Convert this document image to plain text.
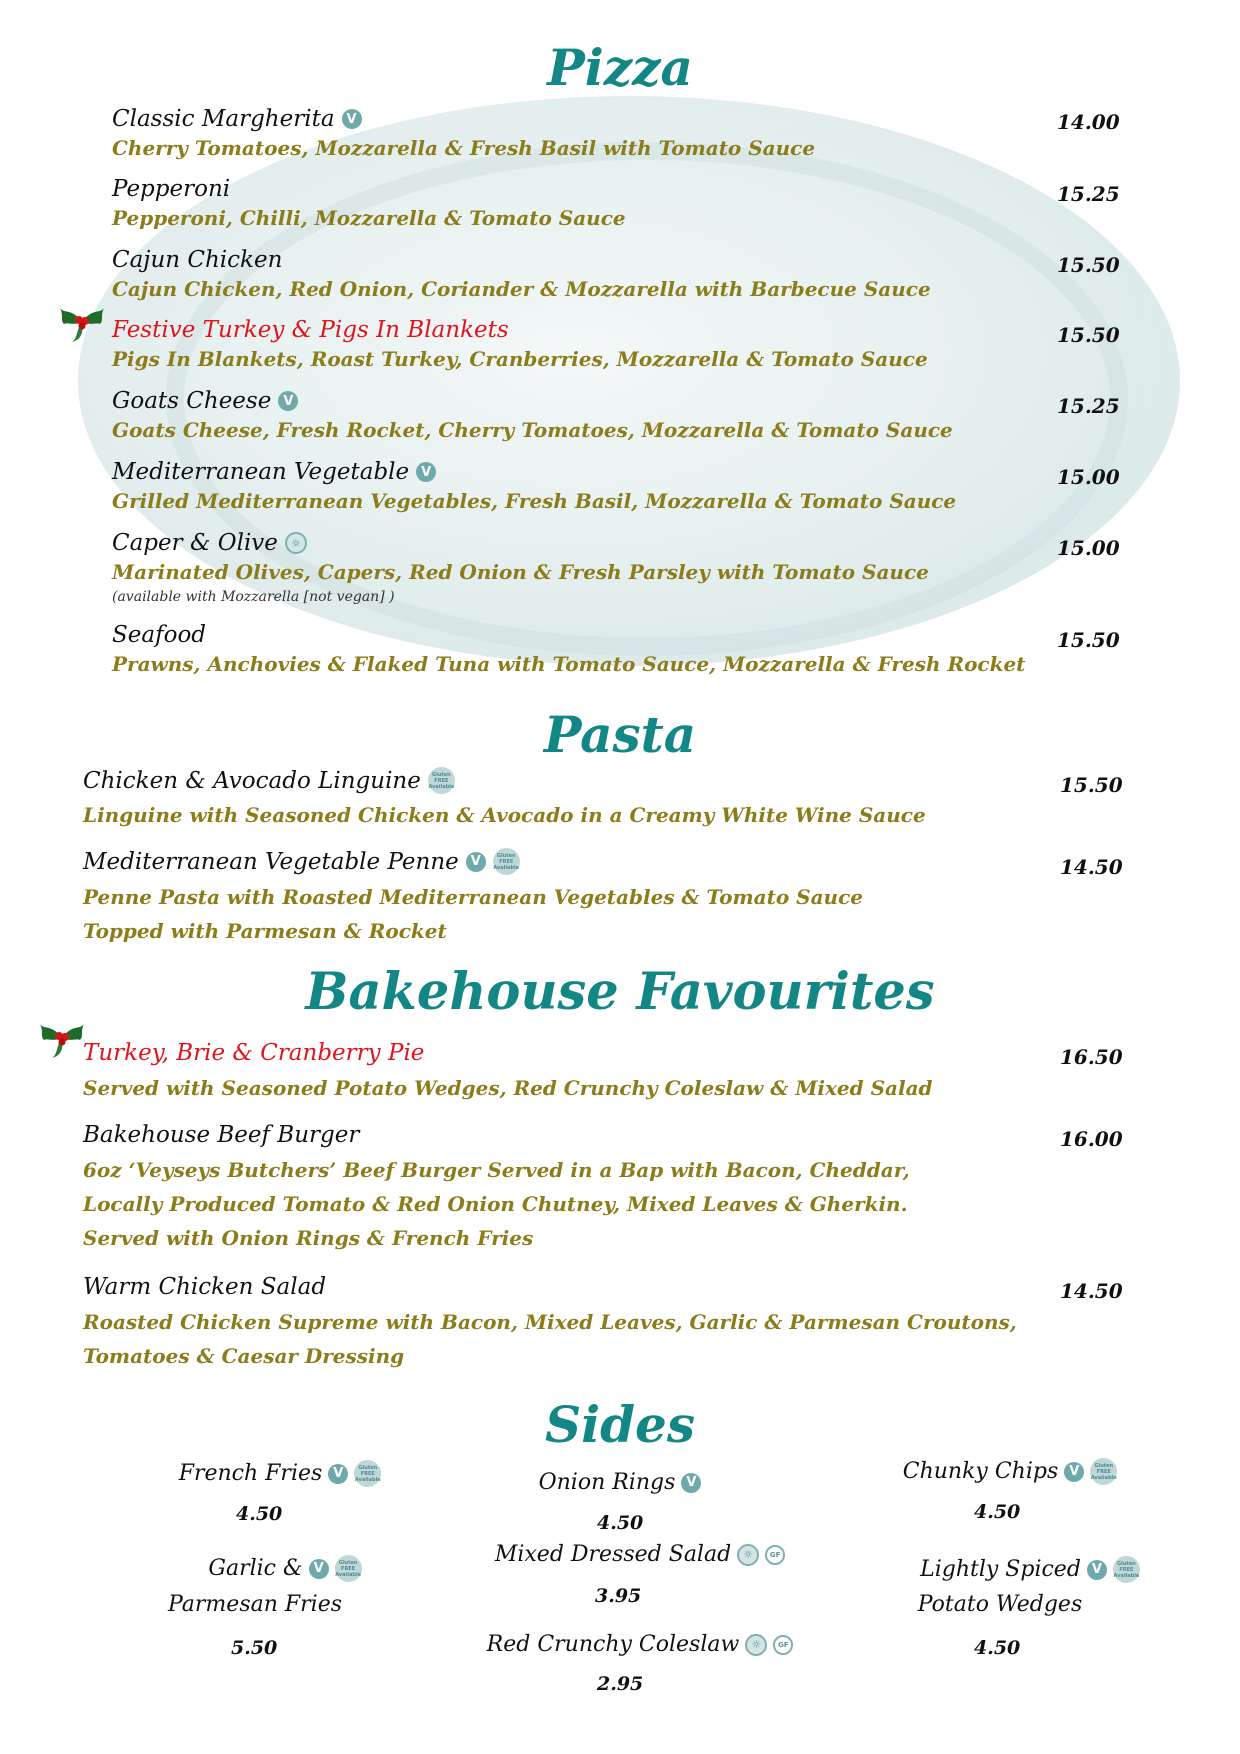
Pizza
Classic Margherita V
Cherry Tomatoes, Mozzarella & Fresh Basil with Tomato Sauce
14.00
Pepperoni
Pepperoni, Chilli, Mozzarella & Tomato Sauce
15.25
Cajun Chicken
Cajun Chicken, Red Onion, Coriander & Mozzarella with Barbecue Sauce
15.50
Festive Turkey & Pigs In Blankets
Pigs In Blankets, Roast Turkey, Cranberries, Mozzarella & Tomato Sauce
15.50
Goats Cheese V
Goats Cheese, Fresh Rocket, Cherry Tomatoes, Mozzarella & Tomato Sauce
15.25
Mediterranean Vegetable V
Grilled Mediterranean Vegetables, Fresh Basil, Mozzarella & Tomato Sauce
15.00
Caper & Olive	☼
Marinated Olives, Capers, Red Onion & Fresh Parsley with Tomato Sauce
(available with Mozzarella [not vegan] )
15.00
Seafood
Prawns, Anchovies & Flaked Tuna with Tomato Sauce, Mozzarella & Fresh Rocket
15.50
Pasta
Chicken & Avocado Linguine Gluten
FREE
Available
Linguine with Seasoned Chicken & Avocado in a Creamy White Wine Sauce
15.50
Mediterranean Vegetable Penne V	Gluten
FREE
Available
Penne Pasta with Roasted Mediterranean Vegetables & Tomato Sauce
Topped with Parmesan & Rocket
14.50
Bakehouse Favourites
Turkey, Brie & Cranberry Pie
Served with Seasoned Potato Wedges, Red Crunchy Coleslaw & Mixed Salad
16.50
Bakehouse Beef Burger
6oz ‘Veyseys Butchers’ Beef Burger Served in a Bap with Bacon, Cheddar,
Locally Produced Tomato & Red Onion Chutney, Mixed Leaves & Gherkin.
Served with Onion Rings & French Fries
16.00
Warm Chicken Salad
Roasted Chicken Supreme with Bacon, Mixed Leaves, Garlic & Parmesan Croutons,
Tomatoes & Caesar Dressing
14.50
Sides
French Fries V	Gluten
FREE
Available
4.50
Onion Rings V
4.50
Chunky Chips V	Gluten
FREE
Available
4.50
Garlic & V	Gluten
FREE
Available
Parmesan Fries
5.50
Mixed Dressed Salad	☼	GF
3.95
Lightly Spiced V	Gluten
FREE
Available
Potato Wedges
4.50
Red Crunchy Coleslaw	☼	GF
2.95
